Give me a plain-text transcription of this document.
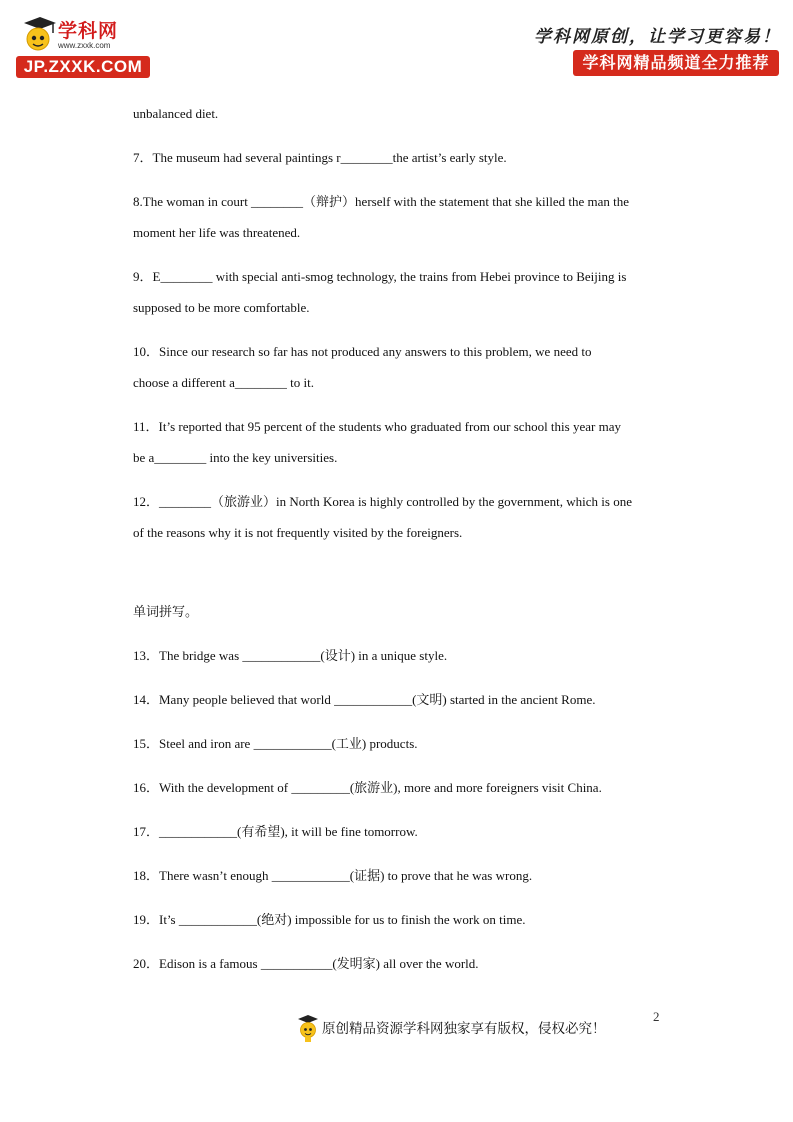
学科网
www.zxxk.com
JP.ZXXK.COM
学科网原创，让学习更容易！
学科网精品频道全力推荐

unbalanced diet.

7．The museum had several paintings r________the artist’s early style.

8.The woman in court ________（辩护）herself with the statement that she killed the man the

moment her life was threatened.

9．E________ with special anti-smog technology, the trains from Hebei province to Beijing is

supposed to be more comfortable.

10．Since our research so far has not produced any answers to this problem, we need to

choose a different a________ to it.

11．It’s reported that 95 percent of the students who graduated from our school this year may

be a________ into the key universities.

12．________（旅游业）in North Korea is highly controlled by the government, which is one

of the reasons why it is not frequently visited by the foreigners.

单词拼写。

13．The bridge was ____________(设计) in a unique style.

14．Many people believed that world ____________(文明) started in the ancient Rome.

15．Steel and iron are ____________(工业) products.

16．With the development of _________(旅游业), more and more foreigners visit China.

17．____________(有希望), it will be fine tomorrow.

18．There wasn’t enough ____________(证据) to prove that he was wrong.

19．It’s ____________(绝对) impossible for us to finish the work on time.

20．Edison is a famous ___________(发明家) all over the world.

原创精品资源学科网独家享有版权，侵权必究！
2
